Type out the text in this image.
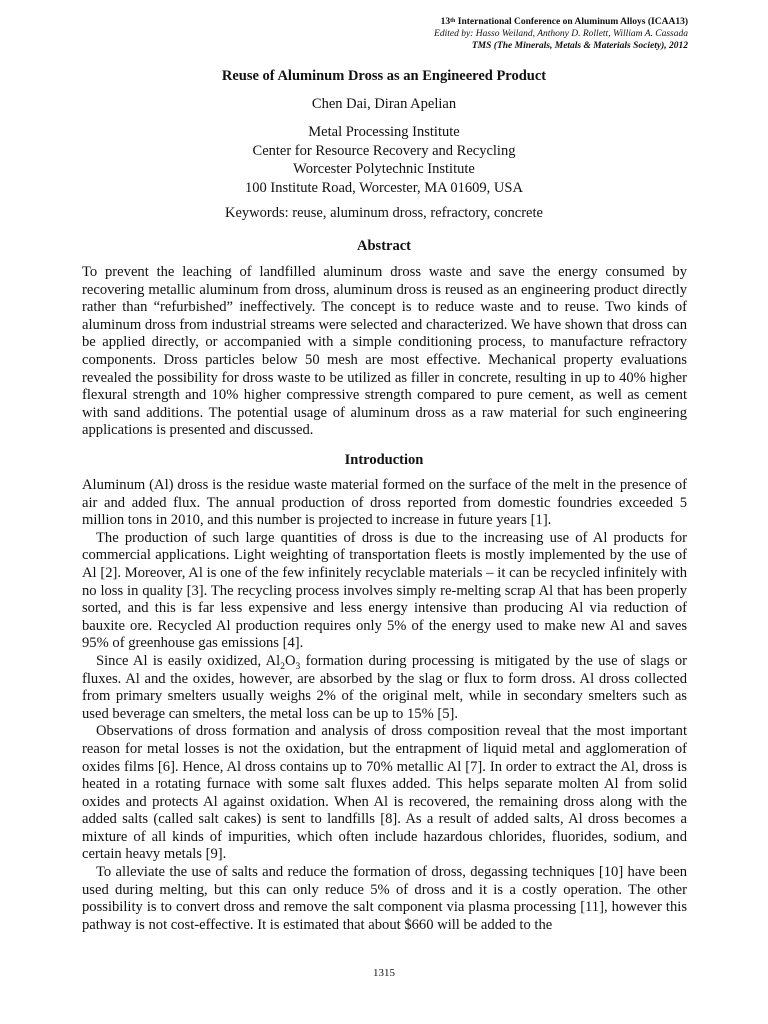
13th International Conference on Aluminum Alloys (ICAA13)
Edited by: Hasso Weiland, Anthony D. Rollett, William A. Cassada
TMS (The Minerals, Metals & Materials Society), 2012
Reuse of Aluminum Dross as an Engineered Product
Chen Dai, Diran Apelian
Metal Processing Institute
Center for Resource Recovery and Recycling
Worcester Polytechnic Institute
100 Institute Road, Worcester, MA 01609, USA
Keywords: reuse, aluminum dross, refractory, concrete
Abstract

To prevent the leaching of landfilled aluminum dross waste and save the energy consumed by recovering metallic aluminum from dross, aluminum dross is reused as an engineering product directly rather than “refurbished” ineffectively. The concept is to reduce waste and to reuse. Two kinds of aluminum dross from industrial streams were selected and characterized. We have shown that dross can be applied directly, or accompanied with a simple conditioning process, to manufacture refractory components. Dross particles below 50 mesh are most effective. Mechanical property evaluations revealed the possibility for dross waste to be utilized as filler in concrete, resulting in up to 40% higher flexural strength and 10% higher compressive strength compared to pure cement, as well as cement with sand additions. The potential usage of aluminum dross as a raw material for such engineering applications is presented and discussed.

Introduction

Aluminum (Al) dross is the residue waste material formed on the surface of the melt in the presence of air and added flux. The annual production of dross reported from domestic foundries exceeded 5 million tons in 2010, and this number is projected to increase in future years [1].

The production of such large quantities of dross is due to the increasing use of Al products for commercial applications. Light weighting of transportation fleets is mostly implemented by the use of Al [2]. Moreover, Al is one of the few infinitely recyclable materials – it can be recycled infinitely with no loss in quality [3]. The recycling process involves simply re-melting scrap Al that has been properly sorted, and this is far less expensive and less energy intensive than producing Al via reduction of bauxite ore. Recycled Al production requires only 5% of the energy used to make new Al and saves 95% of greenhouse gas emissions [4].

Since Al is easily oxidized, $Al_2O_3$ formation during processing is mitigated by the use of slags or fluxes. Al and the oxides, however, are absorbed by the slag or flux to form dross. Al dross collected from primary smelters usually weighs 2% of the original melt, while in secondary smelters such as used beverage can smelters, the metal loss can be up to 15% [5].

Observations of dross formation and analysis of dross composition reveal that the most important reason for metal losses is not the oxidation, but the entrapment of liquid metal and agglomeration of oxides films [6]. Hence, Al dross contains up to 70% metallic Al [7]. In order to extract the Al, dross is heated in a rotating furnace with some salt fluxes added. This helps separate molten Al from solid oxides and protects Al against oxidation. When Al is recovered, the remaining dross along with the added salts (called salt cakes) is sent to landfills [8]. As a result of added salts, Al dross becomes a mixture of all kinds of impurities, which often include hazardous chlorides, fluorides, sodium, and certain heavy metals [9].

To alleviate the use of salts and reduce the formation of dross, degassing techniques [10] have been used during melting, but this can only reduce 5% of dross and it is a costly operation. The other possibility is to convert dross and remove the salt component via plasma processing [11], however this pathway is not cost-effective. It is estimated that about $660 will be added to the

1315
